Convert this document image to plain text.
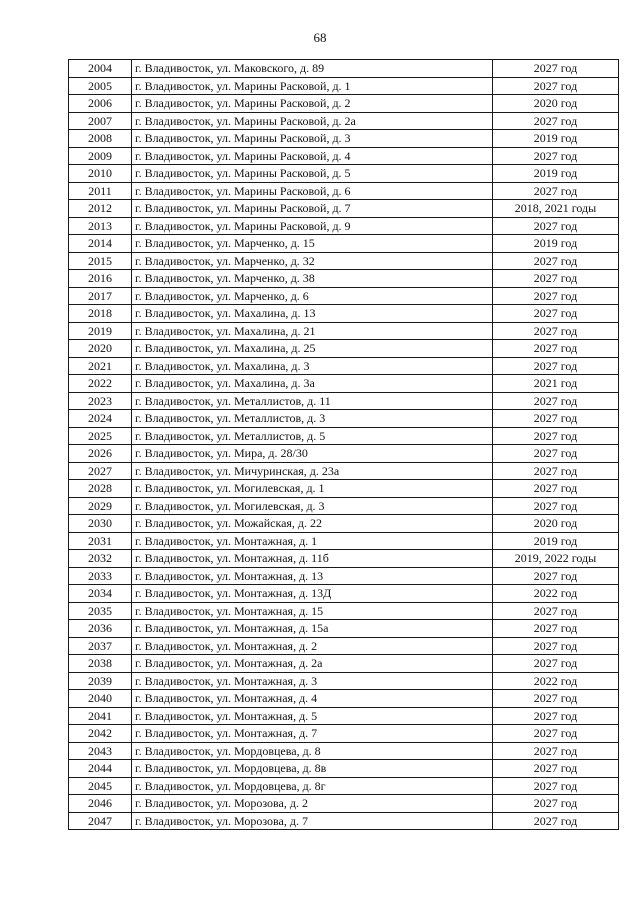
68
2004	г. Владивосток, ул. Маковского, д. 89	2027 год
2005	г. Владивосток, ул. Марины Расковой, д. 1	2027 год
2006	г. Владивосток, ул. Марины Расковой, д. 2	2020 год
2007	г. Владивосток, ул. Марины Расковой, д. 2а	2027 год
2008	г. Владивосток, ул. Марины Расковой, д. 3	2019 год
2009	г. Владивосток, ул. Марины Расковой, д. 4	2027 год
2010	г. Владивосток, ул. Марины Расковой, д. 5	2019 год
2011	г. Владивосток, ул. Марины Расковой, д. 6	2027 год
2012	г. Владивосток, ул. Марины Расковой, д. 7	2018, 2021 годы
2013	г. Владивосток, ул. Марины Расковой, д. 9	2027 год
2014	г. Владивосток, ул. Марченко, д. 15	2019 год
2015	г. Владивосток, ул. Марченко, д. 32	2027 год
2016	г. Владивосток, ул. Марченко, д. 38	2027 год
2017	г. Владивосток, ул. Марченко, д. 6	2027 год
2018	г. Владивосток, ул. Махалина, д. 13	2027 год
2019	г. Владивосток, ул. Махалина, д. 21	2027 год
2020	г. Владивосток, ул. Махалина, д. 25	2027 год
2021	г. Владивосток, ул. Махалина, д. 3	2027 год
2022	г. Владивосток, ул. Махалина, д. 3а	2021 год
2023	г. Владивосток, ул. Металлистов, д. 11	2027 год
2024	г. Владивосток, ул. Металлистов, д. 3	2027 год
2025	г. Владивосток, ул. Металлистов, д. 5	2027 год
2026	г. Владивосток, ул. Мира, д. 28/30	2027 год
2027	г. Владивосток, ул. Мичуринская, д. 23а	2027 год
2028	г. Владивосток, ул. Могилевская, д. 1	2027 год
2029	г. Владивосток, ул. Могилевская, д. 3	2027 год
2030	г. Владивосток, ул. Можайская, д. 22	2020 год
2031	г. Владивосток, ул. Монтажная, д. 1	2019 год
2032	г. Владивосток, ул. Монтажная, д. 11б	2019, 2022 годы
2033	г. Владивосток, ул. Монтажная, д. 13	2027 год
2034	г. Владивосток, ул. Монтажная, д. 13Д	2022 год
2035	г. Владивосток, ул. Монтажная, д. 15	2027 год
2036	г. Владивосток, ул. Монтажная, д. 15а	2027 год
2037	г. Владивосток, ул. Монтажная, д. 2	2027 год
2038	г. Владивосток, ул. Монтажная, д. 2а	2027 год
2039	г. Владивосток, ул. Монтажная, д. 3	2022 год
2040	г. Владивосток, ул. Монтажная, д. 4	2027 год
2041	г. Владивосток, ул. Монтажная, д. 5	2027 год
2042	г. Владивосток, ул. Монтажная, д. 7	2027 год
2043	г. Владивосток, ул. Мордовцева, д. 8	2027 год
2044	г. Владивосток, ул. Мордовцева, д. 8в	2027 год
2045	г. Владивосток, ул. Мордовцева, д. 8г	2027 год
2046	г. Владивосток, ул. Морозова, д. 2	2027 год
2047	г. Владивосток, ул. Морозова, д. 7	2027 год
